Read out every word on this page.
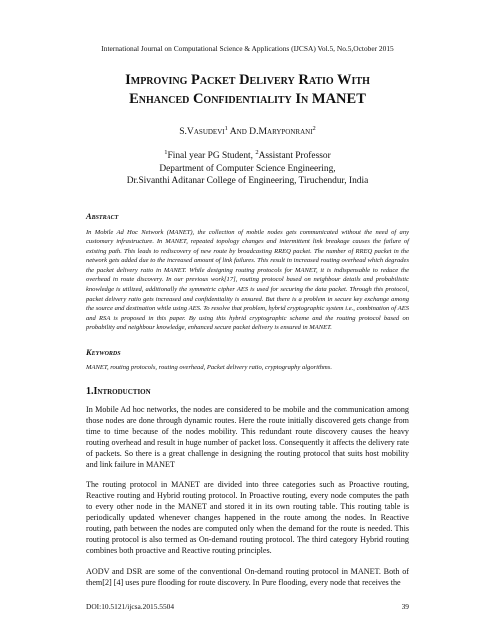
International Journal on Computational Science & Applications (IJCSA) Vol.5, No.5,October 2015
Improving Packet Delivery Ratio With
Enhanced Confidentiality In MANET
S.Vasudevi$^1$ And D.Maryponrani$^2$
$^1$Final year PG Student, $^2$Assistant Professor
Department of Computer Science Engineering,
Dr.Sivanthi Aditanar College of Engineering, Tiruchendur, India
Abstract
In Mobile Ad Hoc Network (MANET), the collection of mobile nodes gets communicated without the need of any customary infrastructure. In MANET, repeated topology changes and intermittent link breakage causes the failure of existing path. This leads to rediscovery of new route by broadcasting RREQ packet. The number of RREQ packet in the network gets added due to the increased amount of link failures. This result in increased routing overhead which degrades the packet delivery ratio in MANET. While designing routing protocols for MANET, it is indispensable to reduce the overhead in route discovery. In our previous work[17], routing protocol based on neighbour details and probabilistic knowledge is utilized, additionally the symmetric cipher AES is used for securing the data packet. Through this protocol, packet delivery ratio gets increased and confidentiality is ensured. But there is a problem in secure key exchange among the source and destination while using AES. To resolve that problem, hybrid cryptographic system i.e., combination of AES and RSA is proposed in this paper. By using this hybrid cryptographic scheme and the routing protocol based on probability and neighbour knowledge, enhanced secure packet delivery is ensured in MANET.
Keywords
MANET, routing protocols, routing overhead, Packet delivery ratio, cryptography algorithms.
1.Introduction
In Mobile Ad hoc networks, the nodes are considered to be mobile and the communication among those nodes are done through dynamic routes. Here the route initially discovered gets change from time to time because of the nodes mobility. This redundant route discovery causes the heavy routing overhead and result in huge number of packet loss. Consequently it affects the delivery rate of packets. So there is a great challenge in designing the routing protocol that suits host mobility and link failure in MANET
The routing protocol in MANET are divided into three categories such as Proactive routing, Reactive routing and Hybrid routing protocol. In Proactive routing, every node computes the path to every other node in the MANET and stored it in its own routing table. This routing table is periodically updated whenever changes happened in the route among the nodes. In Reactive routing, path between the nodes are computed only when the demand for the route is needed. This routing protocol is also termed as On-demand routing protocol. The third category Hybrid routing combines both proactive and Reactive routing principles.
AODV and DSR are some of the conventional On-demand routing protocol in MANET. Both of them[2] [4] uses pure flooding for route discovery. In Pure flooding, every node that receives the
DOI:10.5121/ijcsa.2015.5504	39
